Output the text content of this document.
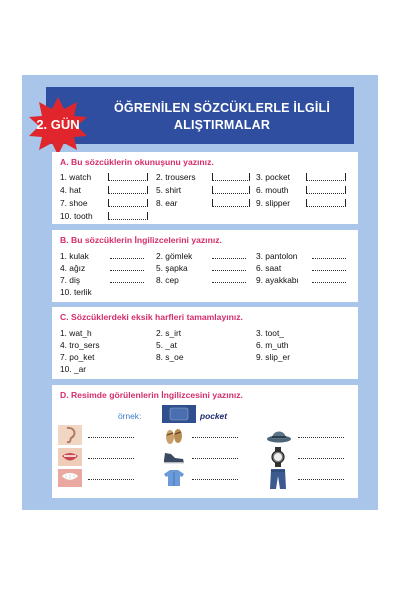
ÖĞRENİLEN SÖZCÜKLERLE İLGİLİ
ALIŞTIRMALAR
2. GÜN
A. Bu sözcüklerin okunuşunu yazınız.
1. watch	2. trousers	3. pocket
4. hat	5. shirt	6. mouth
7. shoe	8. ear	9. slipper
10. tooth
B. Bu sözcüklerin İngilizcelerini yazınız.
1. kulak	2. gömlek	3. pantolon
4. ağız	5. şapka	6. saat
7. diş	8. cep	9. ayakkabı
10. terlik
C. Sözcüklerdeki eksik harfleri tamamlayınız.
1. wat_h	2. s_irt	3. toot_
4. tro_sers	5. _at	6. m_uth
7. po_ket	8. s_oe	9. slip_er
10. _ar
D. Resimde görülenlerin İngilizcesini yazınız.
örnek:	pocket
